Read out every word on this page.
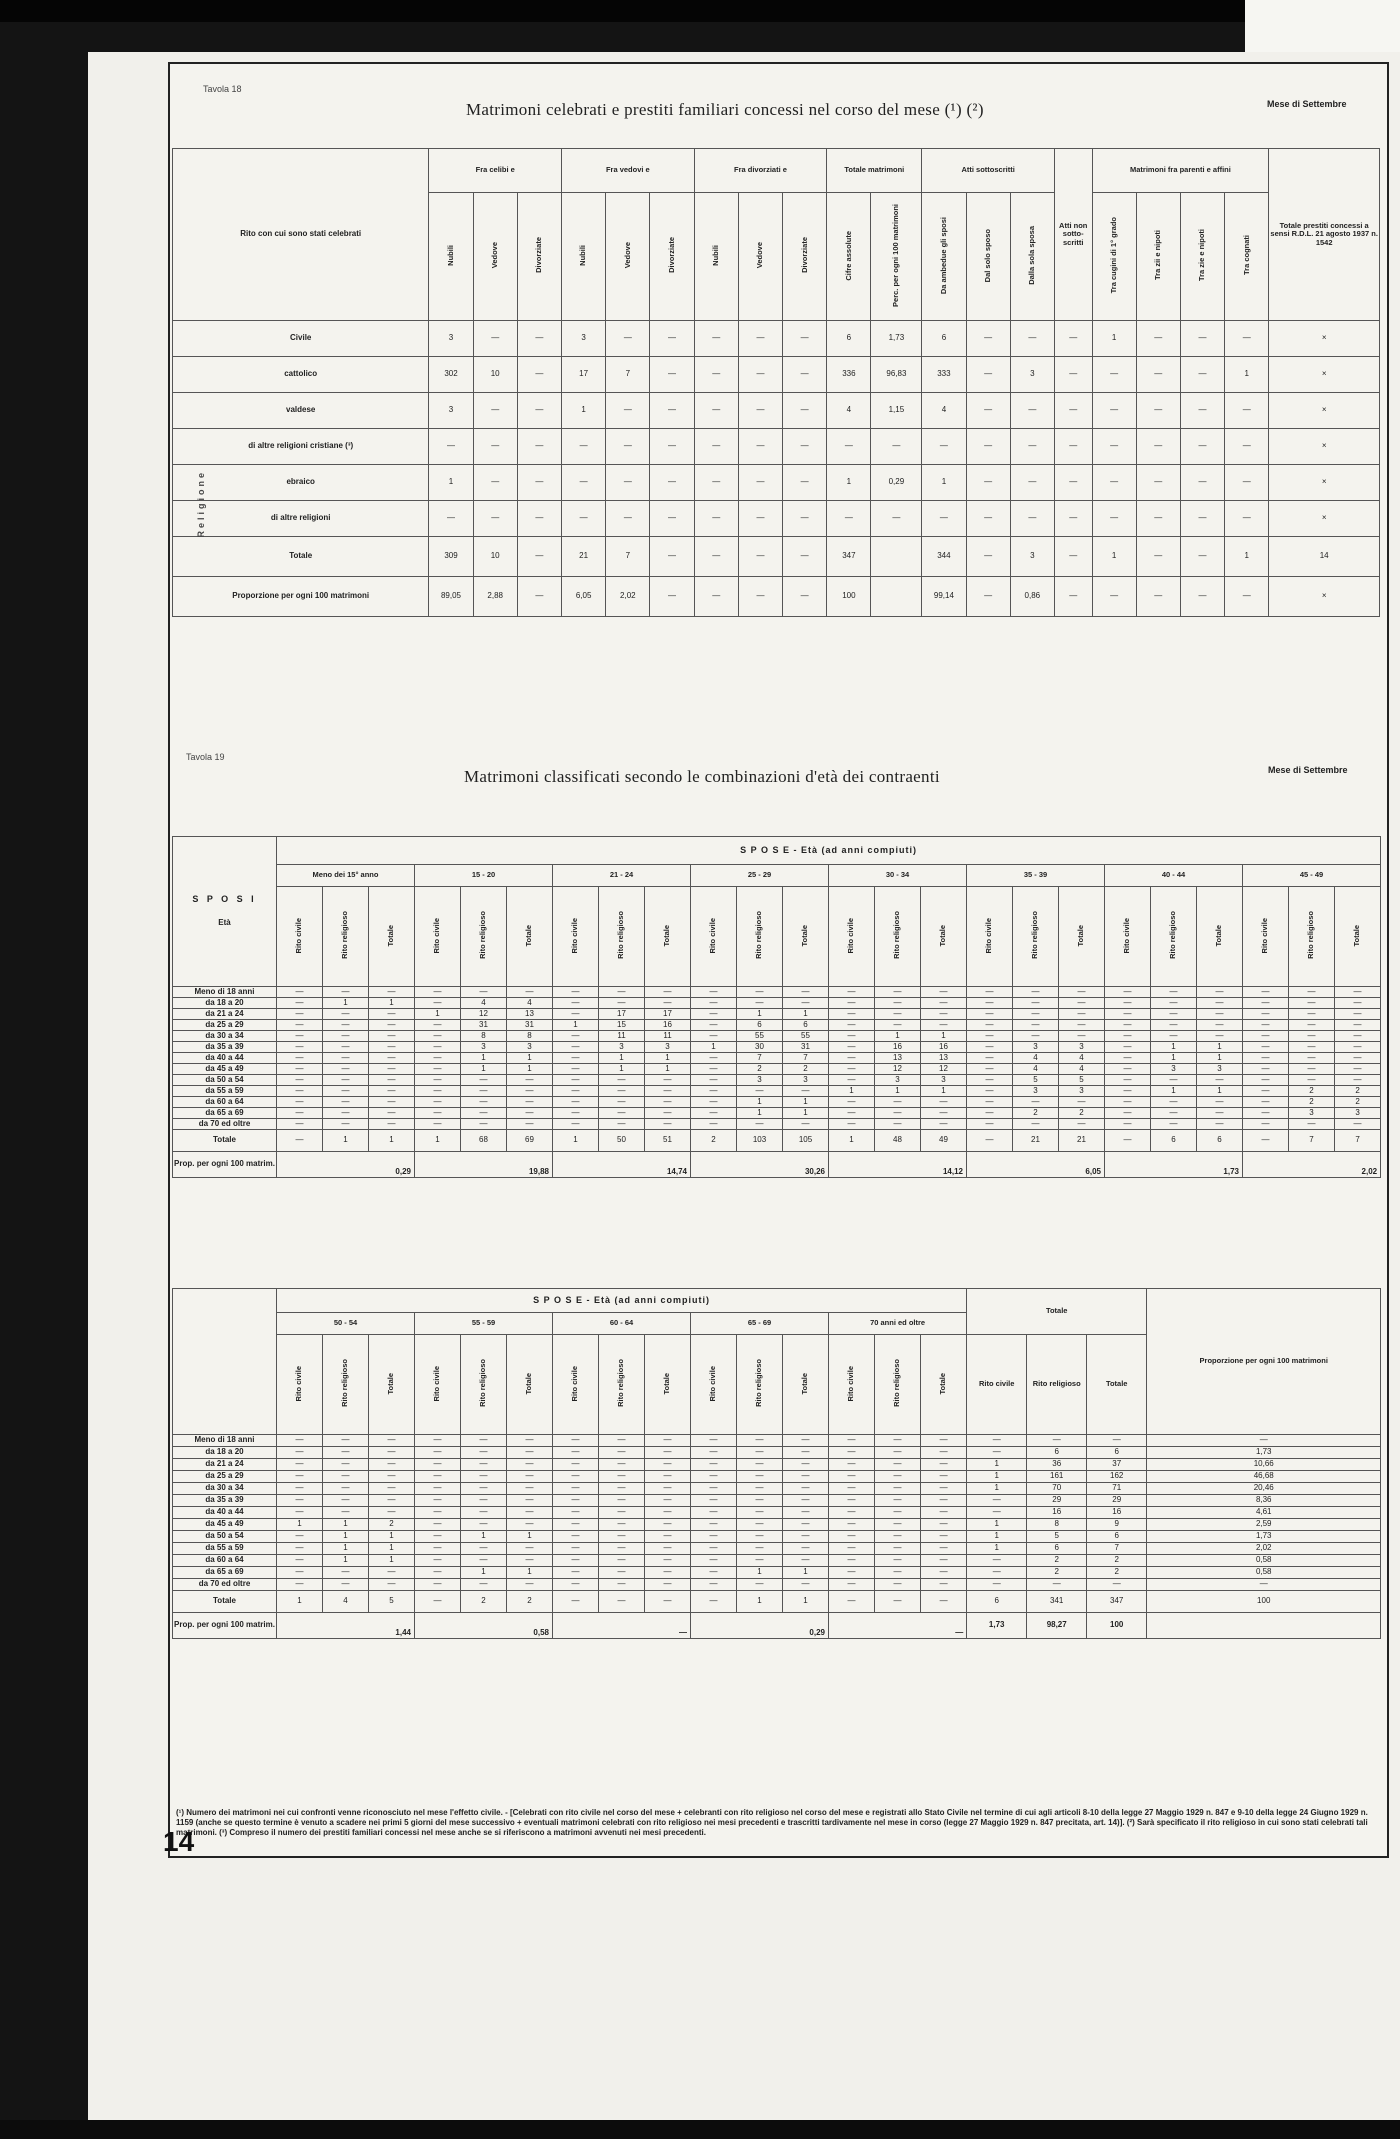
Tavola 18
Matrimoni celebrati e prestiti familiari concessi nel corso del mese (¹) (²)	Mese di Settembre
Rito con cui sono stati celebrati	Fra celibi e			Fra vedovi e			Fra divorziati e			Totale matrimoni		Atti sottoscritti			Atti non sotto-scritti	Matrimoni fra parenti e affini				Totale prestiti concessi a sensi R.D.L. 21 agosto 1937 n. 1542
	Nubili	Vedove	Divorziate	Nubili	Vedove	Divorziate	Nubili	Vedove	Divorziate	Cifre assolute	Perc. per ogni 100 matrimoni	Da ambedue gli sposi	Dal solo sposo	Dalla sola sposa		Tra cugini di 1° grado	Tra zii e nipoti	Tra zie e nipoti	Tra cognati	
Civile	3	—	—	3	—	—	—	—	—	6	1,73	6	—	—	—	1	—	—	—	×
cattolico	302	10	—	17	7	—	—	—	—	336	96,83	333	—	3	—	—	—	—	1	×
valdese	3	—	—	1	—	—	—	—	—	4	1,15	4	—	—	—	—	—	—	—	×
di altre religioni cristiane (³)	—	—	—	—	—	—	—	—	—	—	—	—	—	—	—	—	—	—	—	×
ebraico	1	—	—	—	—	—	—	—	—	1	0,29	1	—	—	—	—	—	—	—	×
di altre religioni	—	—	—	—	—	—	—	—	—	—	—	—	—	—	—	—	—	—	—	×
Totale	309	10	—	21	7	—	—	—	—	347		344	—	3	—	1	—	—	1	14
Proporzione per ogni 100 matrimoni	89,05	2,88	—	6,05	2,02	—	—	—	—	100		99,14	—	0,86	—	—	—	—	—	×
Religione
Tavola 19
Matrimoni classificati secondo le combinazioni d'età dei contraenti	Mese di Settembre
S P O S I
Età	S P O S E - Età (ad anni compiuti)																							
	Meno dei 15° anno			15 - 20			21 - 24			25 - 29			30 - 34			35 - 39			40 - 44			45 - 49		
	Rito civile	Rito religioso	Totale	Rito civile	Rito religioso	Totale	Rito civile	Rito religioso	Totale	Rito civile	Rito religioso	Totale	Rito civile	Rito religioso	Totale	Rito civile	Rito religioso	Totale	Rito civile	Rito religioso	Totale	Rito civile	Rito religioso	Totale
Meno di 18 anni	—	—	—	—	—	—	—	—	—	—	—	—	—	—	—	—	—	—	—	—	—	—	—	—
da 18 a 20	—	1	1	—	4	4	—	—	—	—	—	—	—	—	—	—	—	—	—	—	—	—	—	—
da 21 a 24	—	—	—	1	12	13	—	17	17	—	1	1	—	—	—	—	—	—	—	—	—	—	—	—
da 25 a 29	—	—	—	—	31	31	1	15	16	—	6	6	—	—	—	—	—	—	—	—	—	—	—	—
da 30 a 34	—	—	—	—	8	8	—	11	11	—	55	55	—	1	1	—	—	—	—	—	—	—	—	—
da 35 a 39	—	—	—	—	3	3	—	3	3	1	30	31	—	16	16	—	3	3	—	1	1	—	—	—
da 40 a 44	—	—	—	—	1	1	—	1	1	—	7	7	—	13	13	—	4	4	—	1	1	—	—	—
da 45 a 49	—	—	—	—	1	1	—	1	1	—	2	2	—	12	12	—	4	4	—	3	3	—	—	—
da 50 a 54	—	—	—	—	—	—	—	—	—	—	3	3	—	3	3	—	5	5	—	—	—	—	—	—
da 55 a 59	—	—	—	—	—	—	—	—	—	—	—	—	1	1	1	—	3	3	—	1	1	—	2	2
da 60 a 64	—	—	—	—	—	—	—	—	—	—	1	1	—	—	—	—	—	—	—	—	—	—	2	2
da 65 a 69	—	—	—	—	—	—	—	—	—	—	1	1	—	—	—	—	2	2	—	—	—	—	3	3
da 70 ed oltre	—	—	—	—	—	—	—	—	—	—	—	—	—	—	—	—	—	—	—	—	—	—	—	—
Totale	—	1	1	1	68	69	1	50	51	2	103	105	1	48	49	—	21	21	—	6	6	—	7	7
Prop. per ogni 100 matrim.	0,29			19,88			14,74			30,26			14,12			6,05			1,73			2,02		
	S P O S E - Età (ad anni compiuti)															Totale			Proporzione per ogni 100 matrimoni
	50 - 54			55 - 59			60 - 64			65 - 69			70 anni ed oltre						
	Rito civile	Rito religioso	Totale	Rito civile	Rito religioso	Totale	Rito civile	Rito religioso	Totale	Rito civile	Rito religioso	Totale	Rito civile	Rito religioso	Totale	Rito civile	Rito religioso	Totale	
Meno di 18 anni	—	—	—	—	—	—	—	—	—	—	—	—	—	—	—	—	—	—	—
da 18 a 20	—	—	—	—	—	—	—	—	—	—	—	—	—	—	—	—	6	6	1,73
da 21 a 24	—	—	—	—	—	—	—	—	—	—	—	—	—	—	—	1	36	37	10,66
da 25 a 29	—	—	—	—	—	—	—	—	—	—	—	—	—	—	—	1	161	162	46,68
da 30 a 34	—	—	—	—	—	—	—	—	—	—	—	—	—	—	—	1	70	71	20,46
da 35 a 39	—	—	—	—	—	—	—	—	—	—	—	—	—	—	—	—	29	29	8,36
da 40 a 44	—	—	—	—	—	—	—	—	—	—	—	—	—	—	—	—	16	16	4,61
da 45 a 49	1	1	2	—	—	—	—	—	—	—	—	—	—	—	—	1	8	9	2,59
da 50 a 54	—	1	1	—	1	1	—	—	—	—	—	—	—	—	—	1	5	6	1,73
da 55 a 59	—	1	1	—	—	—	—	—	—	—	—	—	—	—	—	1	6	7	2,02
da 60 a 64	—	1	1	—	—	—	—	—	—	—	—	—	—	—	—	—	2	2	0,58
da 65 a 69	—	—	—	—	1	1	—	—	—	—	1	1	—	—	—	—	2	2	0,58
da 70 ed oltre	—	—	—	—	—	—	—	—	—	—	—	—	—	—	—	—	—	—	—
Totale	1	4	5	—	2	2	—	—	—	—	1	1	—	—	—	6	341	347	100
Prop. per ogni 100 matrim.	1,44			0,58			—			0,29			—			1,73	98,27	100	

(¹) Numero dei matrimoni nei cui confronti venne riconosciuto nel mese l'effetto civile. - [Celebrati con rito civile nel corso del mese + celebranti con rito religioso nel corso del mese e registrati allo Stato Civile nel termine di cui agli articoli 8-10 della legge 27 Maggio 1929 n. 847 e 9-10 della legge 24 Giugno 1929 n. 1159 (anche se questo termine è venuto a scadere nei primi 5 giorni del mese successivo + eventuali matrimoni celebrati con rito religioso nei mesi precedenti e trascritti tardivamente nel mese in corso (legge 27 Maggio 1929 n. 847 precitata, art. 14)]. (²) Sarà specificato il rito religioso in cui sono stati celebrati tali matrimoni. (³) Compreso il numero dei prestiti familiari concessi nel mese anche se si riferiscono a matrimoni avvenuti nei mesi precedenti.

14
